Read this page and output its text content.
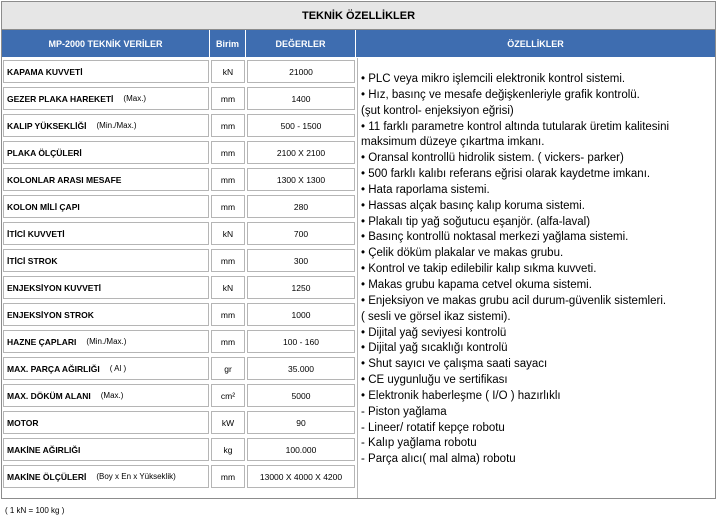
TEKNİK ÖZELLİKLER
MP-2000 TEKNİK VERİLER	Birim	DEĞERLER	ÖZELLİKLER
KAPAMA KUVVETİ	kN	21000
GEZER PLAKA HAREKETİ (Max.)	mm	1400
KALIP YÜKSEKLİĞİ (Min./Max.)	mm	500 - 1500
PLAKA ÖLÇÜLERİ	mm	2100 X 2100
KOLONLAR ARASI MESAFE	mm	1300 X 1300
KOLON MİLİ ÇAPI	mm	280
İTİCİ KUVVETİ	kN	700
İTİCİ STROK	mm	300
ENJEKSİYON KUVVETİ	kN	1250
ENJEKSİYON STROK	mm	1000
HAZNE ÇAPLARI (Min./Max.)	mm	100 - 160
MAX. PARÇA AĞIRLIĞI ( Al )	gr	35.000
MAX. DÖKÜM ALANI (Max.)	cm²	5000
MOTOR	kW	90
MAKİNE AĞIRLIĞI	kg	100.000
MAKİNE ÖLÇÜLERİ (Boy x En x Yükseklik)	mm	13000 X 4000 X 4200
• PLC veya mikro işlemcili elektronik kontrol sistemi.
• Hız, basınç ve mesafe değişkenleriyle grafik kontrolü.
(şut kontrol- enjeksiyon eğrisi)
• 11 farklı parametre kontrol altında tutularak üretim kalitesini
maksimum düzeye çıkartma imkanı.
• Oransal kontrollü hidrolik sistem. ( vickers- parker)
• 500 farklı kalıbı referans eğrisi olarak kaydetme imkanı.
• Hata raporlama sistemi.
• Hassas alçak basınç kalıp koruma sistemi.
• Plakalı tip yağ soğutucu eşanjör. (alfa-laval)
• Basınç kontrollü noktasal merkezi yağlama sistemi.
• Çelik döküm plakalar ve makas grubu.
• Kontrol ve takip edilebilir kalıp sıkma kuvveti.
• Makas grubu kapama cetvel okuma sistemi.
• Enjeksiyon ve makas grubu acil durum-güvenlik sistemleri.
( sesli ve görsel ikaz sistemi).
• Dijital yağ seviyesi kontrolü
• Dijital yağ sıcaklığı kontrolü
• Shut sayıcı ve çalışma saati sayacı
• CE uygunluğu ve sertifikası
• Elektronik haberleşme ( I/O ) hazırlıklı
- Piston yağlama
- Lineer/ rotatif kepçe robotu
- Kalıp yağlama robotu
- Parça alıcı( mal alma) robotu
( 1 kN = 100 kg )
